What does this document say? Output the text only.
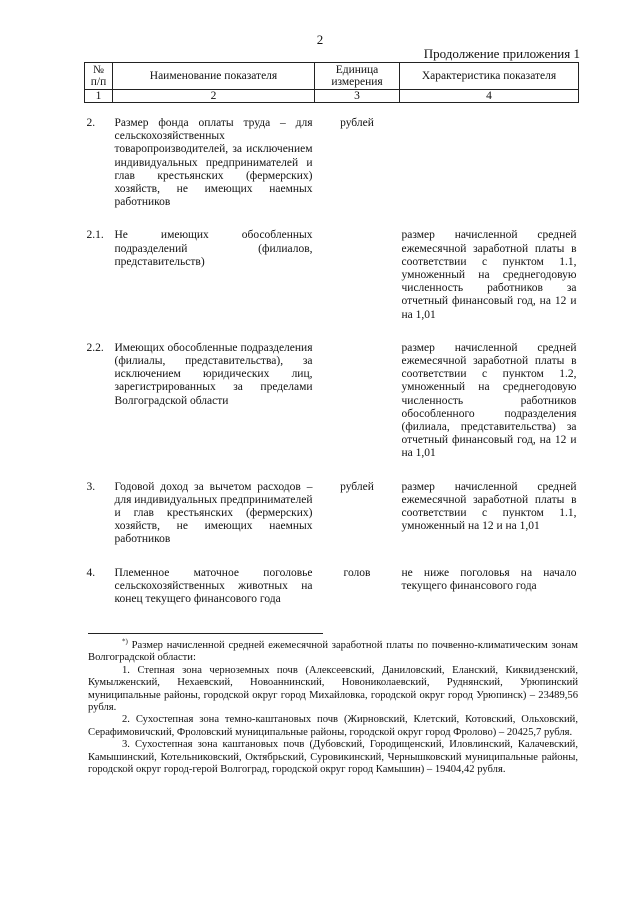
2
Продолжение приложения 1
№ п/п	Наименование показателя	Единица измерения	Характеристика показателя
1	2	3	4

2.	Размер фонда оплаты труда – для сельскохозяйственных товаропроизводителей, за исключением индивидуальных предпринимателей и глав крестьянских (фермерских) хозяйств, не имеющих наемных работников	рублей	

2.1.	Не имеющих обособленных подразделений (филиалов, представительств)		размер начисленной средней ежемесячной заработной платы в соответствии с пунктом 1.1, умноженный на среднегодовую численность работников за отчетный финансовый год, на 12 и на 1,01

2.2.	Имеющих обособленные подразделения (филиалы, представительства), за исключением юридических лиц, зарегистрированных за пределами Волгоградской области		размер начисленной средней ежемесячной заработной платы в соответствии с пунктом 1.2, умноженный на среднегодовую численность работников обособленного подразделения (филиала, представительства) за отчетный финансовый год, на 12 и на 1,01

3.	Годовой доход за вычетом расходов – для индивидуальных предпринимателей и глав крестьянских (фермерских) хозяйств, не имеющих наемных работников	рублей	размер начисленной средней ежемесячной заработной платы в соответствии с пунктом 1.1, умноженный на 12 и на 1,01

4.	Племенное маточное поголовье сельскохозяйственных животных на конец текущего финансового года	голов	не ниже поголовья на начало текущего финансового года

*) Размер начисленной средней ежемесячной заработной платы по почвенно-климатическим зонам Волгоградской области:

1. Степная зона черноземных почв (Алексеевский, Даниловский, Еланский, Киквидзенский, Кумылженский, Нехаевский, Новоаннинский, Новониколаевский, Руднянский, Урюпинский муниципальные районы, городской округ город Михайловка, городской округ город Урюпинск) – 23489,56 рубля.

2. Сухостепная зона темно-каштановых почв (Жирновский, Клетский, Котовский, Ольховский, Серафимовичский, Фроловский муниципальные районы, городской округ город Фролово) – 20425,7 рубля.

3. Сухостепная зона каштановых почв (Дубовский, Городищенский, Иловлинский, Калачевский, Камышинский, Котельниковский, Октябрьский, Суровикинский, Чернышковский муниципальные районы, городской округ город-герой Волгоград, городской округ город Камышин) – 19404,42 рубля.
